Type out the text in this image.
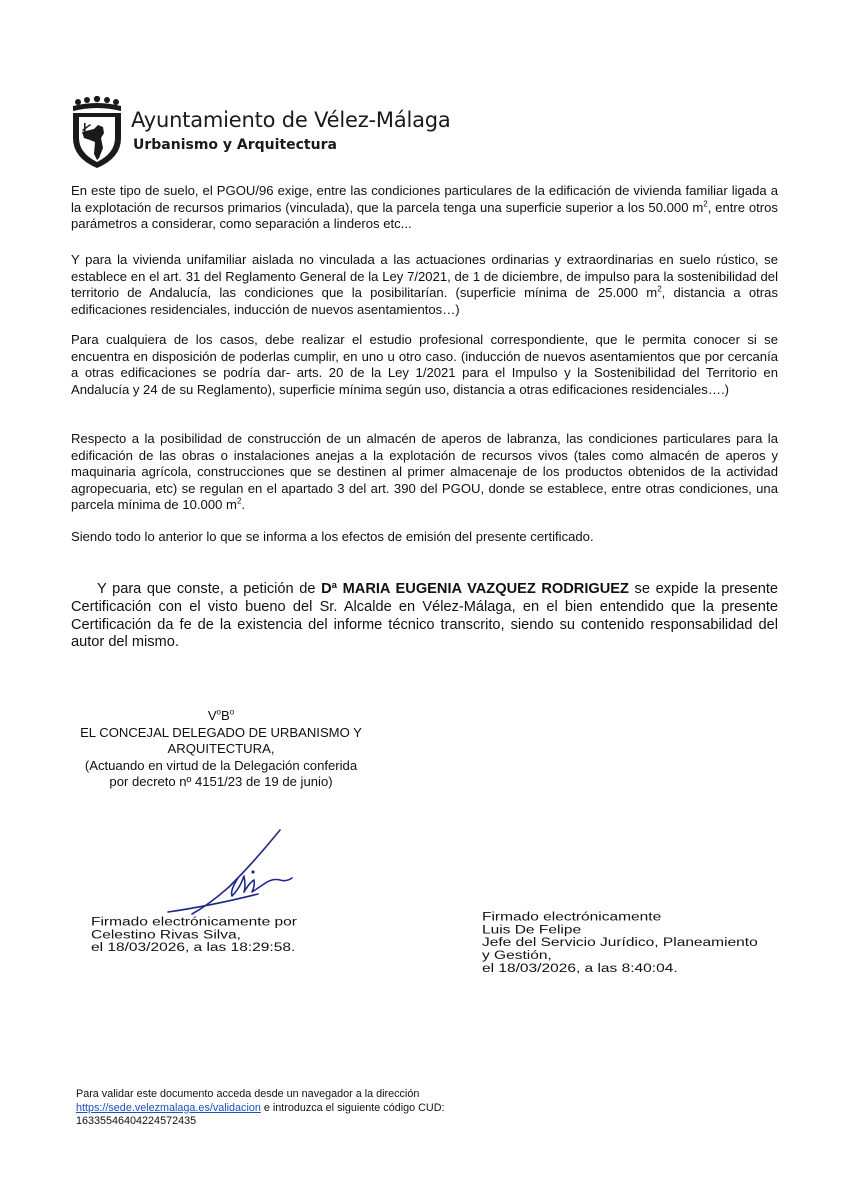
Ayuntamiento de Vélez-Málaga
Urbanismo y Arquitectura
En este tipo de suelo, el PGOU/96 exige, entre las condiciones particulares de la edificación de vivienda familiar ligada a la explotación de recursos primarios (vinculada), que la parcela tenga una superficie superior a los 50.000 $m^2$, entre otros parámetros a considerar, como separación a linderos etc...
Y para la vivienda unifamiliar aislada no vinculada a las actuaciones ordinarias y extraordinarias en suelo rústico, se establece en el art. 31 del Reglamento General de la Ley 7/2021, de 1 de diciembre, de impulso para la sostenibilidad del territorio de Andalucía, las condiciones que la posibilitarían. (superficie mínima de 25.000 $m^2$, distancia a otras edificaciones residenciales, inducción de nuevos asentamientos…)
Para cualquiera de los casos, debe realizar el estudio profesional correspondiente, que le permita conocer si se encuentra en disposición de poderlas cumplir, en uno u otro caso. (inducción de nuevos asentamientos que por cercanía a otras edificaciones se podría dar- arts. 20 de la Ley 1/2021 para el Impulso y la Sostenibilidad del Territorio en Andalucía y 24 de su Reglamento), superficie mínima según uso, distancia a otras edificaciones residenciales….)
Respecto a la posibilidad de construcción de un almacén de aperos de labranza, las condiciones particulares para la edificación de las obras o instalaciones anejas a la explotación de recursos vivos (tales como almacén de aperos y maquinaria agrícola, construcciones que se destinen al primer almacenaje de los productos obtenidos de la actividad agropecuaria, etc) se regulan en el apartado 3 del art. 390 del PGOU, donde se establece, entre otras condiciones, una parcela mínima de 10.000 $m^2$.
Siendo todo lo anterior lo que se informa a los efectos de emisión del presente certificado.
Y para que conste, a petición de Dª MARIA EUGENIA VAZQUEZ RODRIGUEZ se expide la presente Certificación con el visto bueno del Sr. Alcalde en Vélez-Málaga, en el bien entendido que la presente Certificación da fe de la existencia del informe técnico transcrito, siendo su contenido responsabilidad del autor del mismo.
$V^oB^o$
EL CONCEJAL DELEGADO DE URBANISMO Y
ARQUITECTURA,
(Actuando en virtud de la Delegación conferida
por decreto nº 4151/23 de 19 de junio)
Firmado electrónicamente por
Celestino Rivas Silva,
el 18/03/2026, a las 18:29:58.
Firmado electrónicamente
Luis De Felipe
Jefe del Servicio Jurídico, Planeamiento
y Gestión,
el 18/03/2026, a las 8:40:04.
Para validar este documento acceda desde un navegador a la dirección
https://sede.velezmalaga.es/validacion e introduzca el siguiente código CUD:
16335546404224572435
